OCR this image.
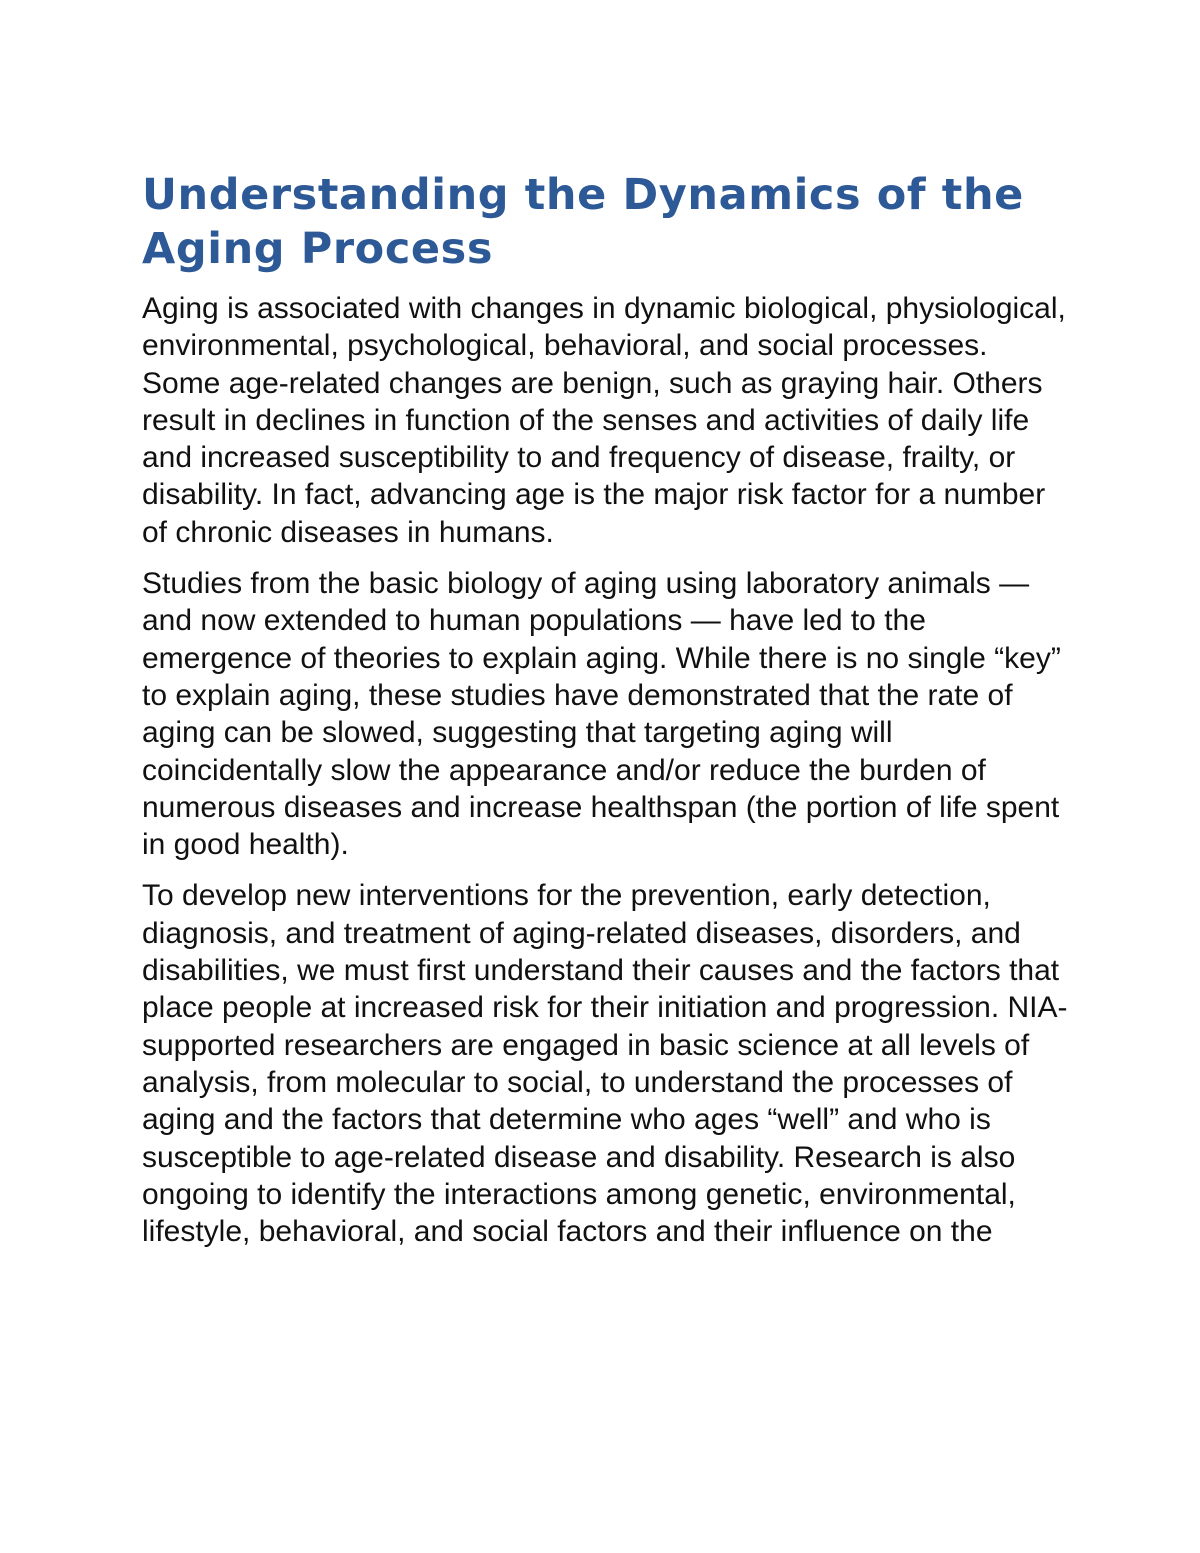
Understanding the Dynamics of the Aging Process

Aging is associated with changes in dynamic biological, physiological, environmental, psychological, behavioral, and social processes. Some age-related changes are benign, such as graying hair. Others result in declines in function of the senses and activities of daily life and increased susceptibility to and frequency of disease, frailty, or disability. In fact, advancing age is the major risk factor for a number of chronic diseases in humans.

Studies from the basic biology of aging using laboratory animals — and now extended to human populations — have led to the emergence of theories to explain aging. While there is no single “key” to explain aging, these studies have demonstrated that the rate of aging can be slowed, suggesting that targeting aging will coincidentally slow the appearance and/or reduce the burden of numerous diseases and increase healthspan (the portion of life spent in good health).

To develop new interventions for the prevention, early detection, diagnosis, and treatment of aging-related diseases, disorders, and disabilities, we must first understand their causes and the factors that place people at increased risk for their initiation and progression. NIA-supported researchers are engaged in basic science at all levels of analysis, from molecular to social, to understand the processes of aging and the factors that determine who ages “well” and who is susceptible to age-related disease and disability. Research is also ongoing to identify the interactions among genetic, environmental, lifestyle, behavioral, and social factors and their influence on the
